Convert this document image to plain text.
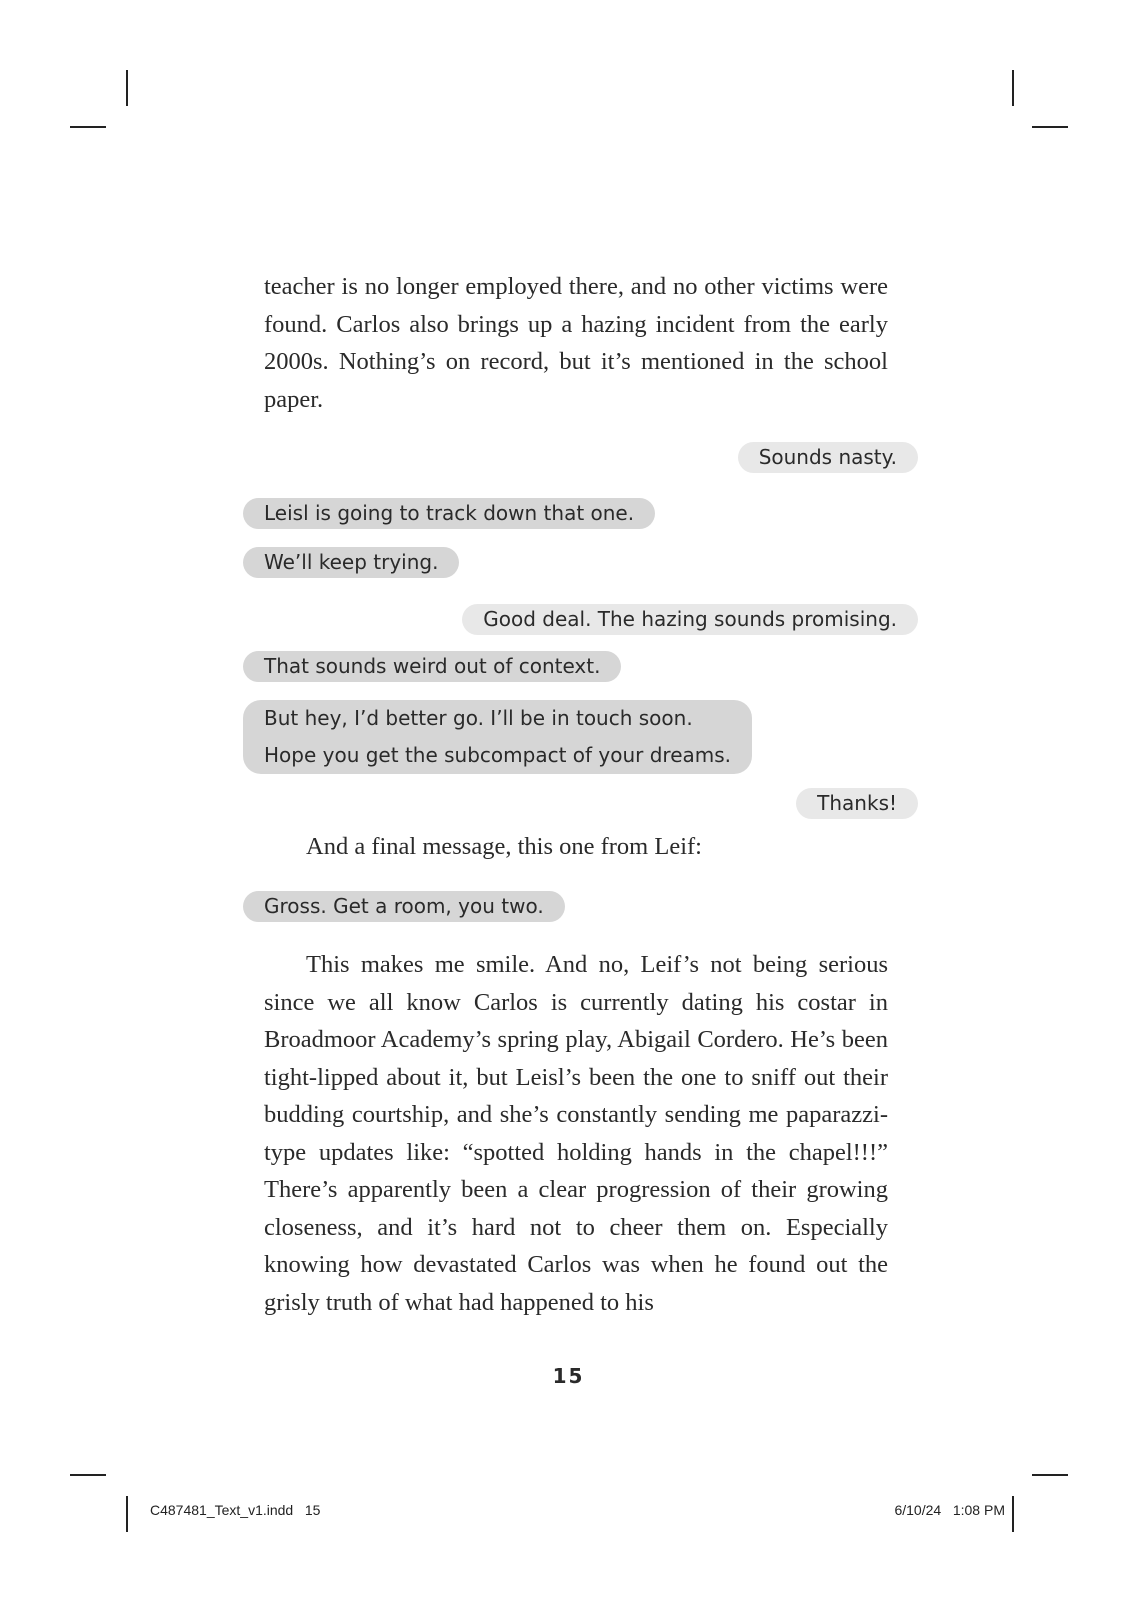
teacher is no longer employed there, and no other victims were found. Carlos also brings up a hazing incident from the early 2000s. Nothing’s on record, but it’s mentioned in the school paper.

Sounds nasty.
Leisl is going to track down that one.
We’ll keep trying.
Good deal. The hazing sounds promising.
That sounds weird out of context.
But hey, I’d better go. I’ll be in touch soon.
Hope you get the subcompact of your dreams.
Thanks!

And a final message, this one from Leif:

Gross. Get a room, you two.

This makes me smile. And no, Leif’s not being serious since we all know Carlos is currently dating his costar in Broadmoor Academy’s spring play, Abigail Cordero. He’s been tight-lipped about it, but Leisl’s been the one to sniff out their budding courtship, and she’s constantly sending me paparazzi-type updates like: “spotted holding hands in the chapel!!!” There’s apparently been a clear progression of their growing closeness, and it’s hard not to cheer them on. Especially knowing how devastated Carlos was when he found out the grisly truth of what had happened to his

15
C487481_Text_v1.indd   15	6/10/24   1:08 PM
